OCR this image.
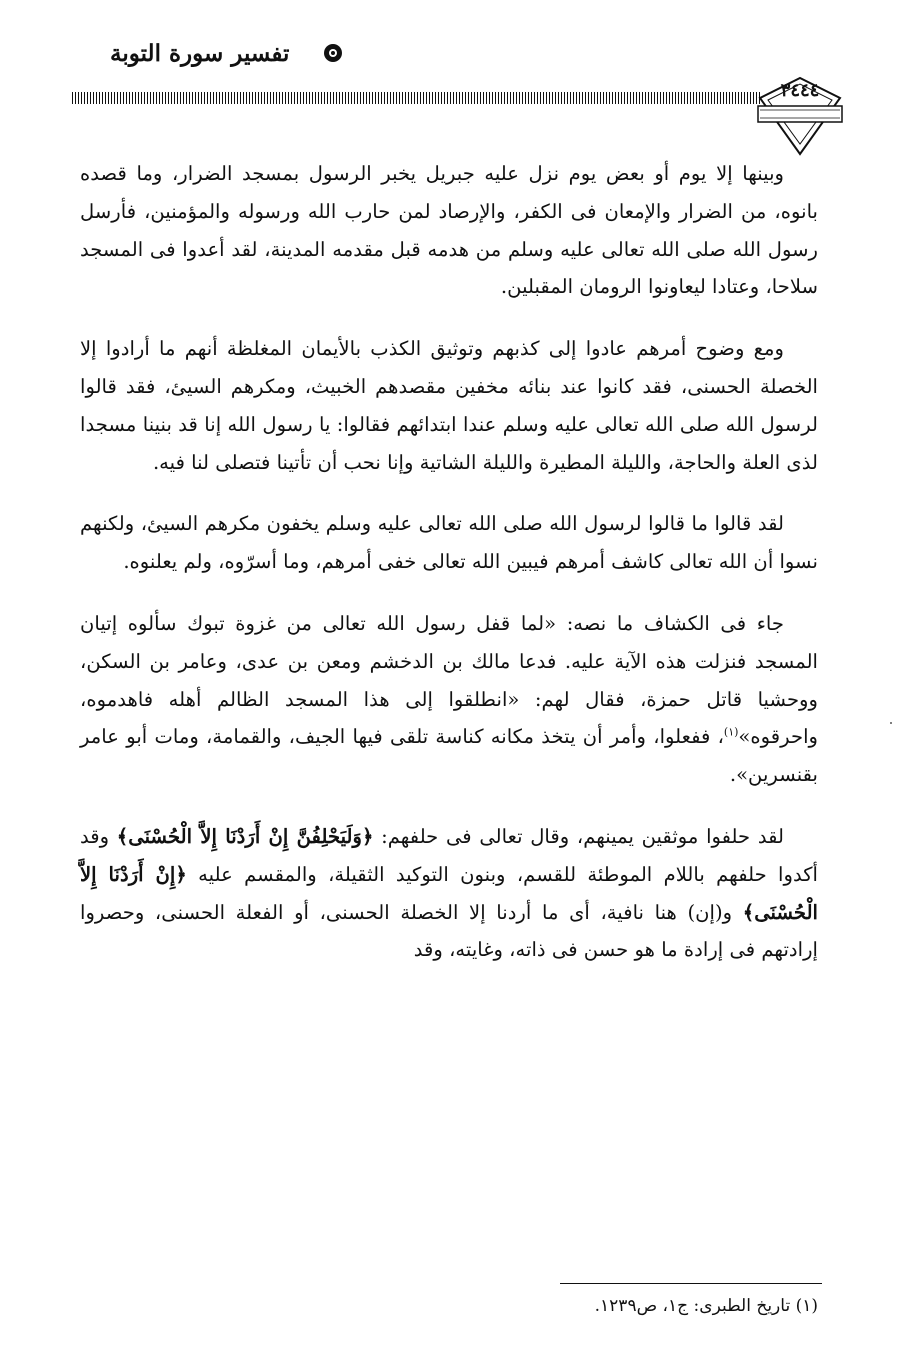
تفسير سورة التوبة
٣٤٤٤

وبينها إلا يوم أو بعض يوم نزل عليه جبريل يخبر الرسول بمسجد الضرار، وما قصده بانوه، من الضرار والإمعان فى الكفر، والإرصاد لمن حارب الله ورسوله والمؤمنين، فأرسل رسول الله صلى الله تعالى عليه وسلم من هدمه قبل مقدمه المدينة، لقد أعدوا فى المسجد سلاحا، وعتادا ليعاونوا الرومان المقبلين.

ومع وضوح أمرهم عادوا إلى كذبهم وتوثيق الكذب بالأيمان المغلظة أنهم ما أرادوا إلا الخصلة الحسنى، فقد كانوا عند بنائه مخفين مقصدهم الخبيث، ومكرهم السيئ، فقد قالوا لرسول الله صلى الله تعالى عليه وسلم عندا ابتدائهم فقالوا: يا رسول الله إنا قد بنينا مسجدا لذى العلة والحاجة، والليلة المطيرة والليلة الشاتية وإنا نحب أن تأتينا فتصلى لنا فيه.

لقد قالوا ما قالوا لرسول الله صلى الله تعالى عليه وسلم يخفون مكرهم السيئ، ولكنهم نسوا أن الله تعالى كاشف أمرهم فيبين الله تعالى خفى أمرهم، وما أسرّوه، ولم يعلنوه.

جاء فى الكشاف ما نصه: «لما قفل رسول الله تعالى من غزوة تبوك سألوه إتيان المسجد فنزلت هذه الآية عليه. فدعا مالك بن الدخشم ومعن بن عدى، وعامر بن السكن، ووحشيا قاتل حمزة، فقال لهم: «انطلقوا إلى هذا المسجد الظالم أهله فاهدموه، واحرقوه»$^{(١)}$، ففعلوا، وأمر أن يتخذ مكانه كناسة تلقى فيها الجيف، والقمامة، ومات أبو عامر بقنسرين».

لقد حلفوا موثقين يمينهم، وقال تعالى فى حلفهم: ﴿وَلَيَحْلِفُنَّ إِنْ أَرَدْنَا إِلاَّ الْحُسْنَى﴾ وقد أكدوا حلفهم باللام الموطئة للقسم، وبنون التوكيد الثقيلة، والمقسم عليه ﴿إِنْ أَرَدْنَا إِلاَّ الْحُسْنَى﴾ و(إن) هنا نافية، أى ما أردنا إلا الخصلة الحسنى، أو الفعلة الحسنى، وحصروا إرادتهم فى إرادة ما هو حسن فى ذاته، وغايته، وقد

(١) تاريخ الطبرى: ج١، ص١٢٣٩.
